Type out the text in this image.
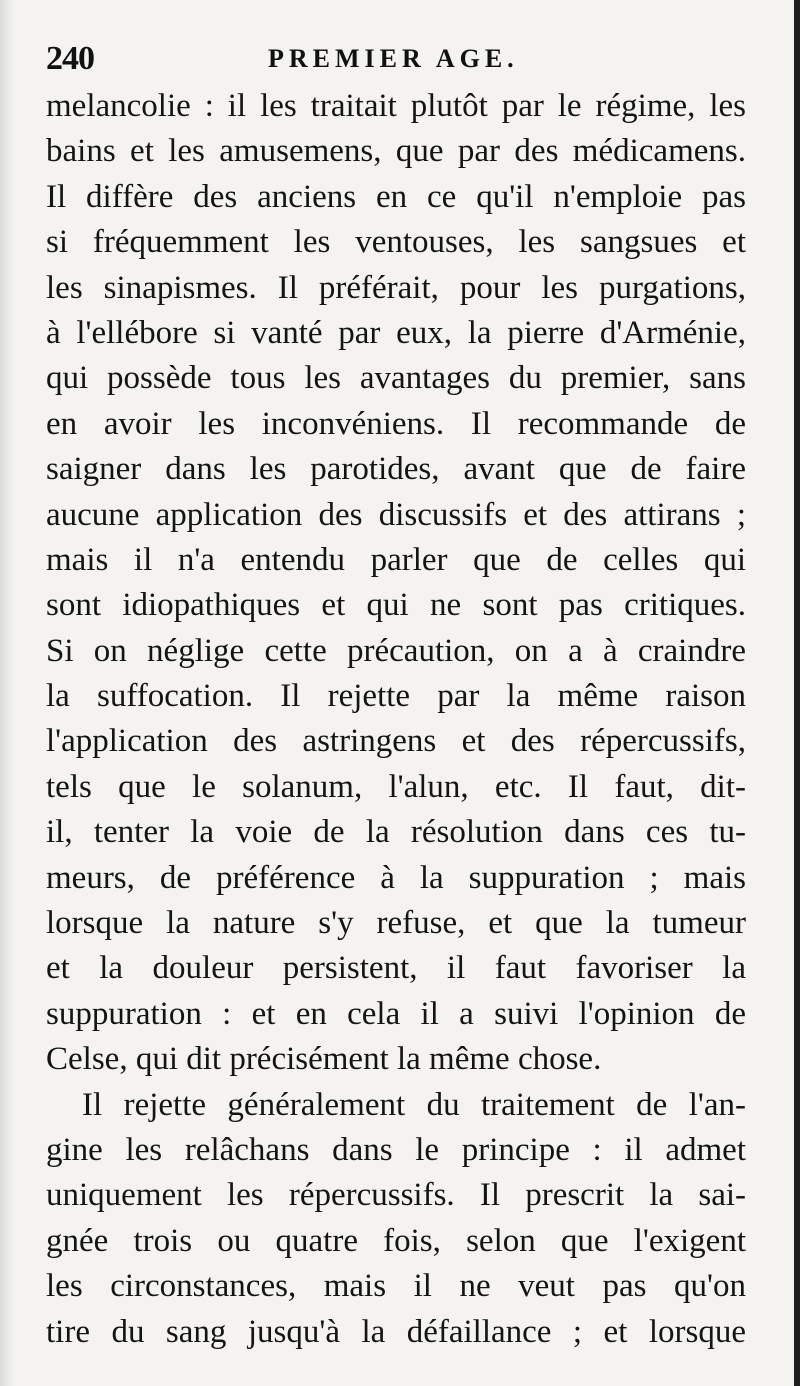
240	PREMIER AGE.
melancolie : il les traitait plutôt par le régime, les
bains et les amusemens, que par des médicamens.
Il diffère des anciens en ce qu'il n'emploie pas
si fréquemment les ventouses, les sangsues et
les sinapismes. Il préférait, pour les purgations,
à l'ellébore si vanté par eux, la pierre d'Arménie,
qui possède tous les avantages du premier, sans
en avoir les inconvéniens. Il recommande de
saigner dans les parotides, avant que de faire
aucune application des discussifs et des attirans ;
mais il n'a entendu parler que de celles qui
sont idiopathiques et qui ne sont pas critiques.
Si on néglige cette précaution, on a à craindre
la suffocation. Il rejette par la même raison
l'application des astringens et des répercussifs,
tels que le solanum, l'alun, etc. Il faut, dit-
il, tenter la voie de la résolution dans ces tu-
meurs, de préférence à la suppuration ; mais
lorsque la nature s'y refuse, et que la tumeur
et la douleur persistent, il faut favoriser la
suppuration : et en cela il a suivi l'opinion de
Celse, qui dit précisément la même chose.
Il rejette généralement du traitement de l'an-
gine les relâchans dans le principe : il admet
uniquement les répercussifs. Il prescrit la sai-
gnée trois ou quatre fois, selon que l'exigent
les circonstances, mais il ne veut pas qu'on
tire du sang jusqu'à la défaillance ; et lorsque
